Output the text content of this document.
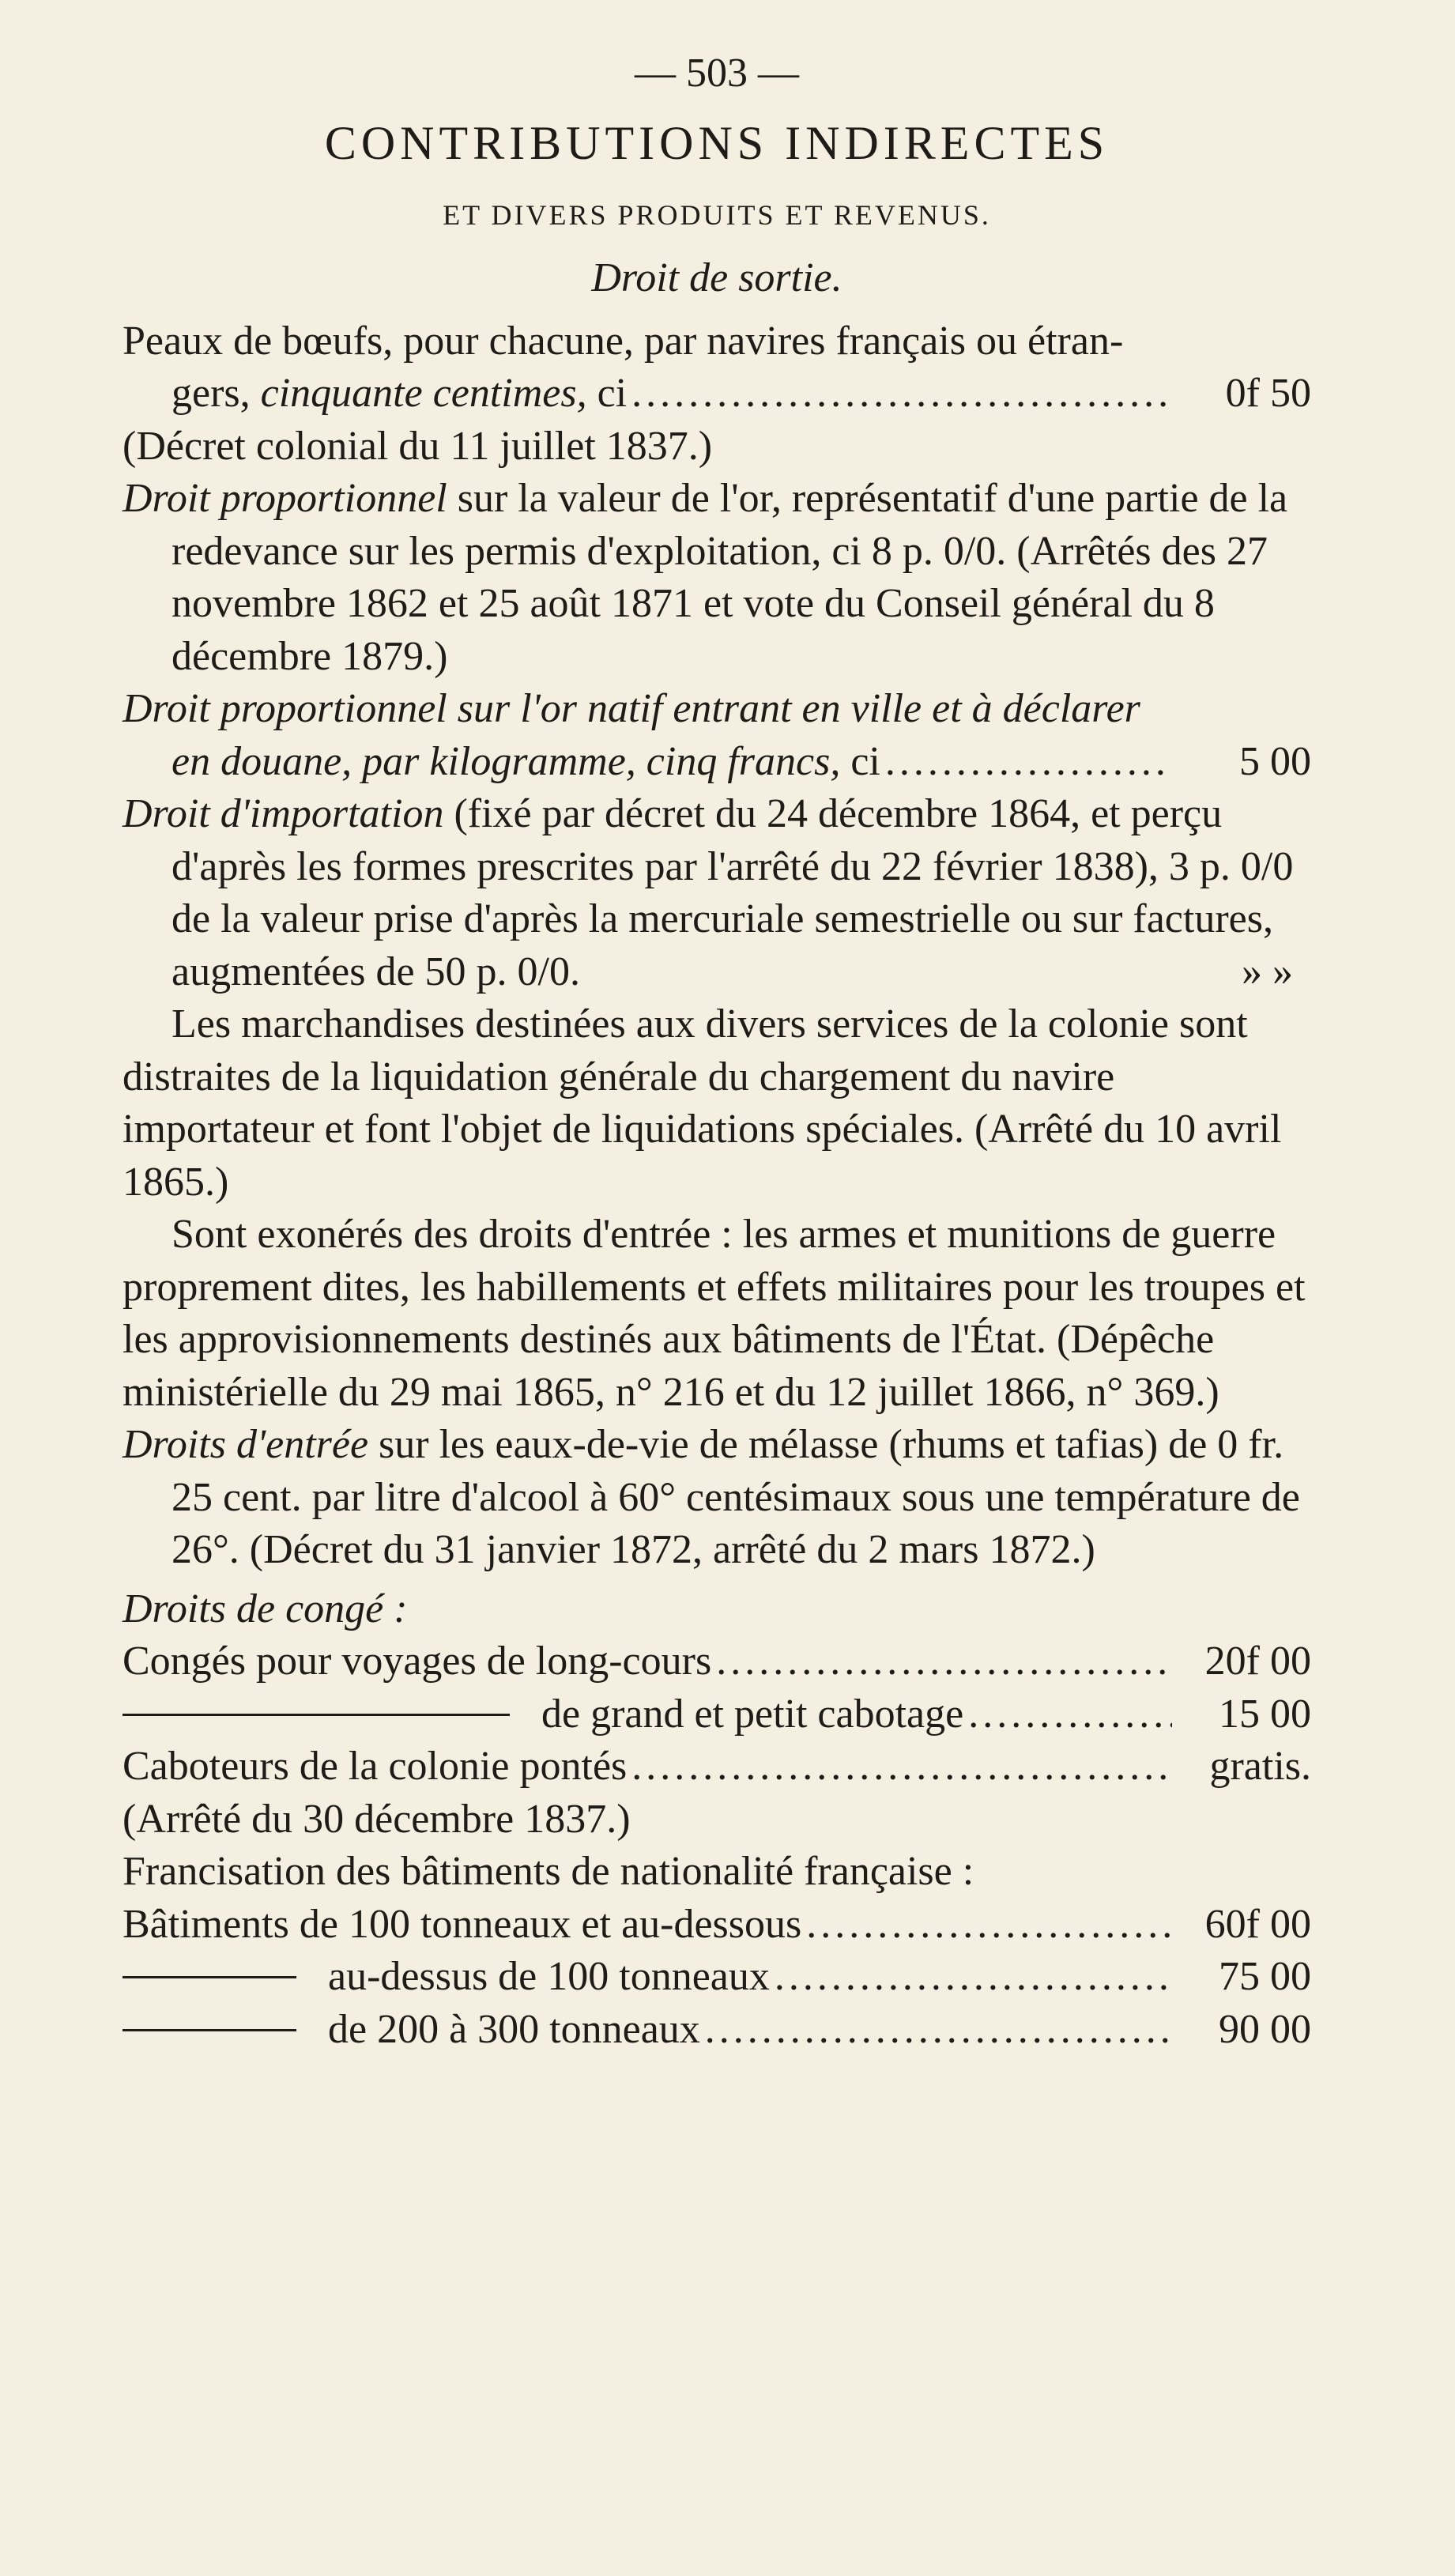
— 503 —
CONTRIBUTIONS INDIRECTES
ET DIVERS PRODUITS ET REVENUS.
Droit de sortie.
Peaux de bœufs, pour chacune, par navires français ou étran-
gers,
cinquante centimes,
ci . . .	0f 50
(Décret colonial du 11 juillet 1837.)
Droit proportionnel sur la valeur de l'or, représentatif d'une partie de la redevance sur les permis d'exploitation, ci 8 p. 0/0. (Arrêtés des 27 novembre 1862 et 25 août 1871 et vote du Conseil général du 8 décembre 1879.)
Droit proportionnel sur l'or natif entrant en ville et à déclarer
en douane, par kilogramme, cinq francs,
ci . . .	5 00
Droit d'importation (fixé par décret du 24 décembre 1864, et perçu d'après les formes prescrites par l'arrêté du 22 février 1838), 3 p. 0/0 de la valeur prise d'après la mercuriale semestrielle ou sur factures, augmentées de 50 p. 0/0.	» »
Les marchandises destinées aux divers services de la colonie sont distraites de la liquidation générale du chargement du navire importateur et font l'objet de liquidations spéciales. (Arrêté du 10 avril 1865.)
Sont exonérés des droits d'entrée : les armes et munitions de guerre proprement dites, les habillements et effets militaires pour les troupes et les approvisionnements destinés aux bâtiments de l'État. (Dépêche ministérielle du 29 mai 1865, n° 216 et du 12 juillet 1866, n° 369.)
Droits d'entrée sur les eaux-de-vie de mélasse (rhums et tafias) de 0 fr. 25 cent. par litre d'alcool à 60° centésimaux sous une température de 26°. (Décret du 31 janvier 1872, arrêté du 2 mars 1872.)
Droits de congé :
Congés pour voyages de long-cours . . .	20f 00
de grand et petit cabotage . . .	15 00
Caboteurs de la colonie pontés . . .	gratis.
(Arrêté du 30 décembre 1837.)
Francisation des bâtiments de nationalité française :
Bâtiments de 100 tonneaux et au-dessous . . .	60f 00
au-dessus de 100 tonneaux . . .	75 00
de 200 à 300 tonneaux . . .	90 00
